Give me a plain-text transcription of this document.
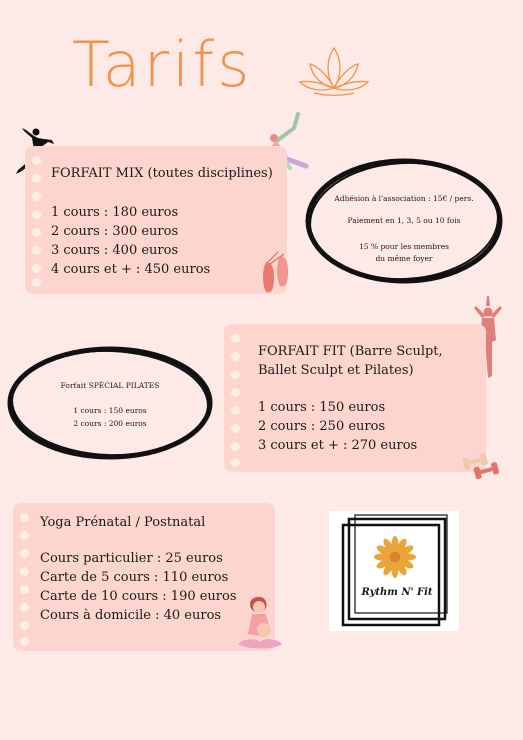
Tarifs
FORFAIT MIX (toutes disciplines)
1 cours : 180 euros
2 cours : 300 euros
3 cours : 400 euros
4 cours et + : 450 euros
Adhésion à l'association : 15€ / pers.
Paiement en 1, 3, 5 ou 10 fois
15 % pour les membres
du même foyer
Forfait SPÉCIAL PILATES
1 cours : 150 euros
2 cours : 200 euros
FORFAIT FIT (Barre Sculpt,
Ballet Sculpt et Pilates)
1 cours : 150 euros
2 cours : 250 euros
3 cours et + : 270 euros
Yoga Prénatal / Postnatal
Cours particulier : 25 euros
Carte de 5 cours : 110 euros
Carte de 10 cours : 190 euros
Cours à domicile : 40 euros
Rythm N' Fit
